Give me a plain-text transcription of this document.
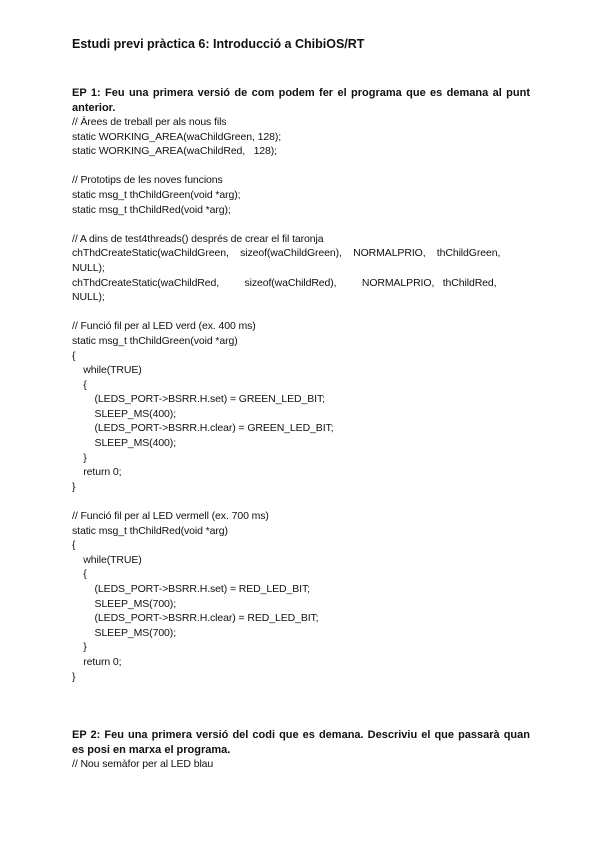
Estudi previ pràctica 6: Introducció a ChibiOS/RT

EP 1: Feu una primera versió de com podem fer el programa que es demana al punt anterior.

// Àrees de treball per als nous fils
static WORKING_AREA(waChildGreen, 128);
static WORKING_AREA(waChildRed,   128);
// Prototips de les noves funcions
static msg_t thChildGreen(void *arg);
static msg_t thChildRed(void *arg);
// A dins de test4threads() després de crear el fil taronja
chThdCreateStatic(waChildGreen,    sizeof(waChildGreen),    NORMALPRIO,    thChildGreen,
NULL);
chThdCreateStatic(waChildRed,         sizeof(waChildRed),         NORMALPRIO,   thChildRed,
NULL);
// Funció fil per al LED verd (ex. 400 ms)
static msg_t thChildGreen(void *arg)
{
while(TRUE)
{
(LEDS_PORT->BSRR.H.set) = GREEN_LED_BIT;
SLEEP_MS(400);
(LEDS_PORT->BSRR.H.clear) = GREEN_LED_BIT;
SLEEP_MS(400);
}
return 0;
}
// Funció fil per al LED vermell (ex. 700 ms)
static msg_t thChildRed(void *arg)
{
while(TRUE)
{
(LEDS_PORT->BSRR.H.set) = RED_LED_BIT;
SLEEP_MS(700);
(LEDS_PORT->BSRR.H.clear) = RED_LED_BIT;
SLEEP_MS(700);
}
return 0;
}

EP 2: Feu una primera versió del codi que es demana. Descriviu el que passarà quan es posi en marxa el programa.

// Nou semàfor per al LED blau
